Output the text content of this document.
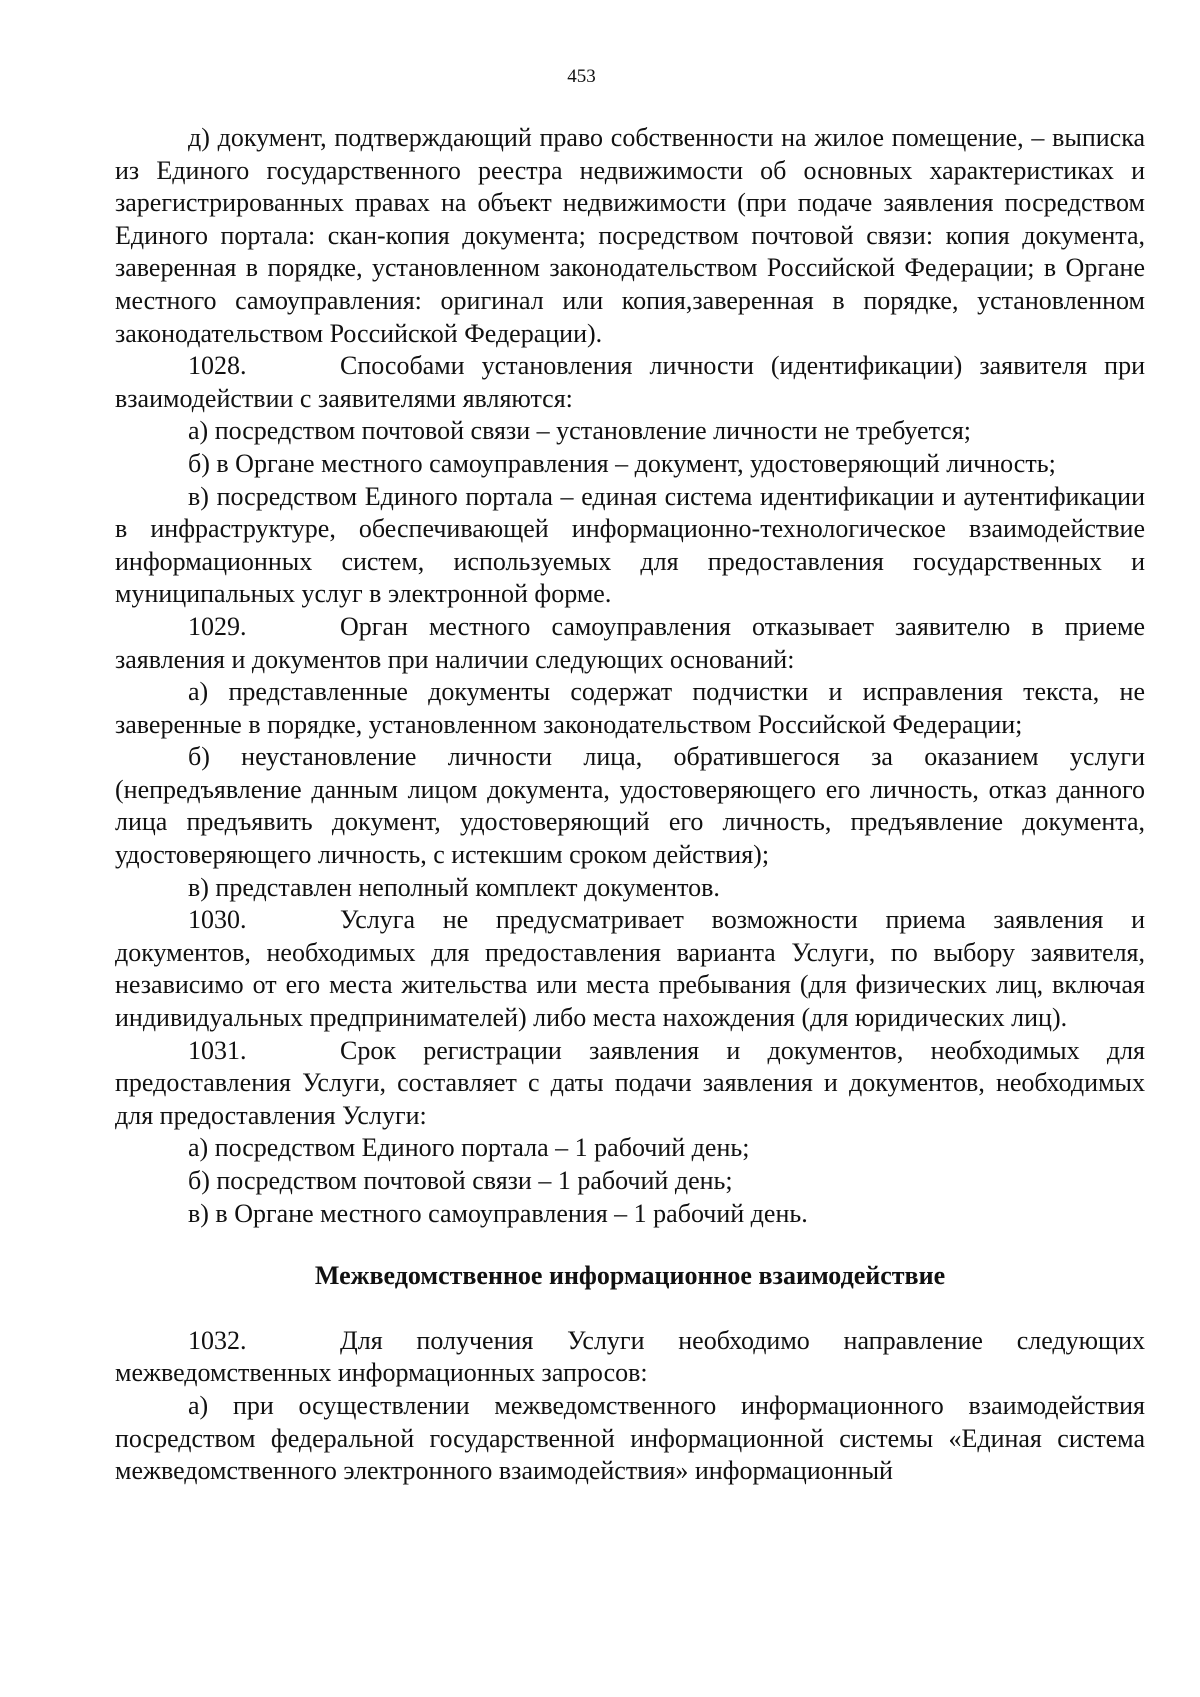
453

д) документ, подтверждающий право собственности на жилое помещение, – выписка из Единого государственного реестра недвижимости об основных характеристиках и зарегистрированных правах на объект недвижимости (при подаче заявления посредством Единого портала: скан-копия документа; посредством почтовой связи: копия документа, заверенная в порядке, установленном законодательством Российской Федерации; в Органе местного самоуправления: оригинал или копия,заверенная в порядке, установленном законодательством Российской Федерации).

1028.	Способами установления личности (идентификации) заявителя при взаимодействии с заявителями являются:

а) посредством почтовой связи – установление личности не требуется;

б) в Органе местного самоуправления – документ, удостоверяющий личность;

в) посредством Единого портала – единая система идентификации и аутентификации в инфраструктуре, обеспечивающей информационно-технологическое взаимодействие информационных систем, используемых для предоставления государственных и муниципальных услуг в электронной форме.

1029.	Орган местного самоуправления отказывает заявителю в приеме заявления и документов при наличии следующих оснований:

а) представленные документы содержат подчистки и исправления текста, не заверенные в порядке, установленном законодательством Российской Федерации;

б) неустановление личности лица, обратившегося за оказанием услуги (непредъявление данным лицом документа, удостоверяющего его личность, отказ данного лица предъявить документ, удостоверяющий его личность, предъявление документа, удостоверяющего личность, с истекшим сроком действия);

в) представлен неполный комплект документов.

1030.	Услуга не предусматривает возможности приема заявления и документов, необходимых для предоставления варианта Услуги, по выбору заявителя, независимо от его места жительства или места пребывания (для физических лиц, включая индивидуальных предпринимателей) либо места нахождения (для юридических лиц).

1031.	Срок регистрации заявления и документов, необходимых для предоставления Услуги, составляет с даты подачи заявления и документов, необходимых для предоставления Услуги:

а) посредством Единого портала – 1 рабочий день;

б) посредством почтовой связи – 1 рабочий день;

в) в Органе местного самоуправления – 1 рабочий день.

Межведомственное информационное взаимодействие

1032.	Для получения Услуги необходимо направление следующих межведомственных информационных запросов:

а) при осуществлении межведомственного информационного взаимодействия посредством федеральной государственной информационной системы «Единая система межведомственного электронного взаимодействия» информационный
